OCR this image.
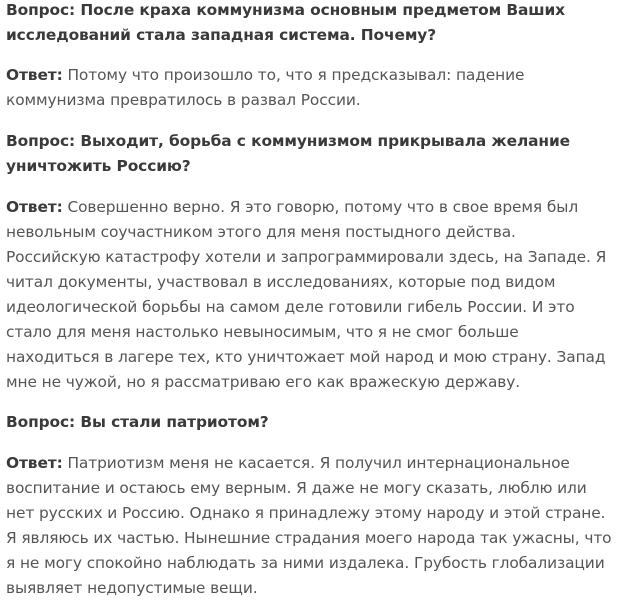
Вопрос: После краха коммунизма основным предметом Ваших исследований стала западная система. Почему?

Ответ: Потому что произошло то, что я предсказывал: падение коммунизма превратилось в развал России.

Вопрос: Выходит, борьба с коммунизмом прикрывала желание уничтожить Россию?

Ответ: Совершенно верно. Я это говорю, потому что в свое время был невольным соучастником этого для меня постыдного действа. Российскую катастрофу хотели и запрограммировали здесь, на Западе. Я читал документы, участвовал в исследованиях, которые под видом идеологической борьбы на самом деле готовили гибель России. И это стало для меня настолько невыносимым, что я не смог больше находиться в лагере тех, кто уничтожает мой народ и мою страну. Запад мне не чужой, но я рассматриваю его как вражескую державу.

Вопрос: Вы стали патриотом?

Ответ: Патриотизм меня не касается. Я получил интернациональное воспитание и остаюсь ему верным. Я даже не могу сказать, люблю или нет русских и Россию. Однако я принадлежу этому народу и этой стране. Я являюсь их частью. Нынешние страдания моего народа так ужасны, что я не могу спокойно наблюдать за ними издалека. Грубость глобализации выявляет недопустимые вещи.
